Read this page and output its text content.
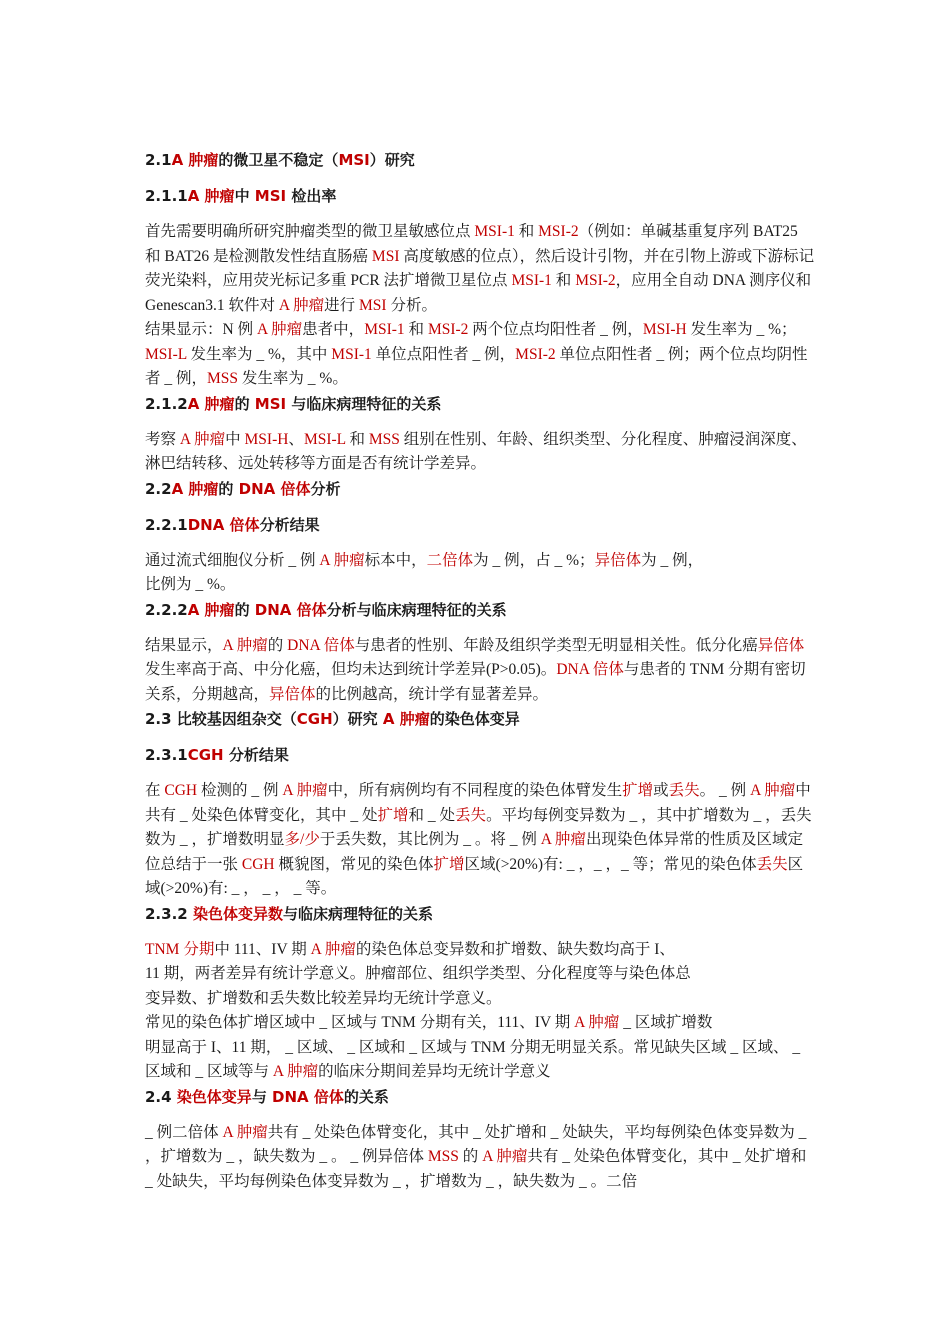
2.1A 肿瘤的微卫星不稳定（MSI）研究
2.1.1A 肿瘤中 MSI 检出率

首先需要明确所研究肿瘤类型的微卫星敏感位点 MSI-1 和 MSI-2（例如：单碱基重复序列 BAT25 和 BAT26 是检测散发性结直肠癌 MSI 高度敏感的位点），然后设计引物，并在引物上游或下游标记荧光染料，应用荧光标记多重 PCR 法扩增微卫星位点 MSI-1 和 MSI-2，应用全自动 DNA 测序仪和 Genescan3.1 软件对 A 肿瘤进行 MSI 分析。

结果显示：N 例 A 肿瘤患者中，MSI-1 和 MSI-2 两个位点均阳性者 _ 例，MSI-H 发生率为 _ %；MSI-L 发生率为 _ %，其中 MSI-1 单位点阳性者 _ 例，MSI-2 单位点阳性者 _ 例；两个位点均阴性者 _ 例，MSS 发生率为 _ %。

2.1.2A 肿瘤的 MSI 与临床病理特征的关系

考察 A 肿瘤中 MSI-H、MSI-L 和 MSS 组别在性别、年龄、组织类型、分化程度、肿瘤浸润深度、淋巴结转移、远处转移等方面是否有统计学差异。

2.2A 肿瘤的 DNA 倍体分析
2.2.1DNA 倍体分析结果

通过流式细胞仪分析 _ 例 A 肿瘤标本中，二倍体为 _ 例，占 _ %；异倍体为 _ 例，

比例为 _ %。

2.2.2A 肿瘤的 DNA 倍体分析与临床病理特征的关系

结果显示，A 肿瘤的 DNA 倍体与患者的性别、年龄及组织学类型无明显相关性。低分化癌异倍体发生率高于高、中分化癌，但均未达到统计学差异(P>0.05)。DNA 倍体与患者的 TNM 分期有密切关系，分期越高，异倍体的比例越高，统计学有显著差异。

2.3 比较基因组杂交（CGH）研究 A 肿瘤的染色体变异
2.3.1CGH 分析结果

在 CGH 检测的 _ 例 A 肿瘤中，所有病例均有不同程度的染色体臂发生扩增或丢失。 _ 例 A 肿瘤中共有 _ 处染色体臂变化，其中 _ 处扩增和 _ 处丢失。平均每例变异数为 _ ，其中扩增数为 _ ，丢失数为 _ ，扩增数明显多/少于丢失数，其比例为 _ 。将 _ 例 A 肿瘤出现染色体异常的性质及区域定位总结于一张 CGH 概貌图，常见的染色体扩增区域(>20%)有: _ ，_ ，_ 等；常见的染色体丢失区域(>20%)有: _ ， _ ， _ 等。

2.3.2 染色体变异数与临床病理特征的关系

TNM 分期中 111、IV 期 A 肿瘤的染色体总变异数和扩增数、缺失数均高于 I、

11 期，两者差异有统计学意义。肿瘤部位、组织学类型、分化程度等与染色体总

变异数、扩增数和丢失数比较差异均无统计学意义。

常见的染色体扩增区域中 _ 区域与 TNM 分期有关，111、IV 期 A 肿瘤 _ 区域扩增数

明显高于 I、11 期， _ 区域、 _ 区域和 _ 区域与 TNM 分期无明显关系。常见缺失区域 _ 区域、 _ 区域和 _ 区域等与 A 肿瘤的临床分期间差异均无统计学意义

2.4 染色体变异与 DNA 倍体的关系

_ 例二倍体 A 肿瘤共有 _ 处染色体臂变化，其中 _ 处扩增和 _ 处缺失，平均每例染色体变异数为 _ ，扩增数为 _ ，缺失数为 _ 。 _ 例异倍体 MSS 的 A 肿瘤共有 _ 处染色体臂变化，其中 _ 处扩增和 _ 处缺失，平均每例染色体变异数为 _ ，扩增数为 _ ，缺失数为 _ 。二倍
